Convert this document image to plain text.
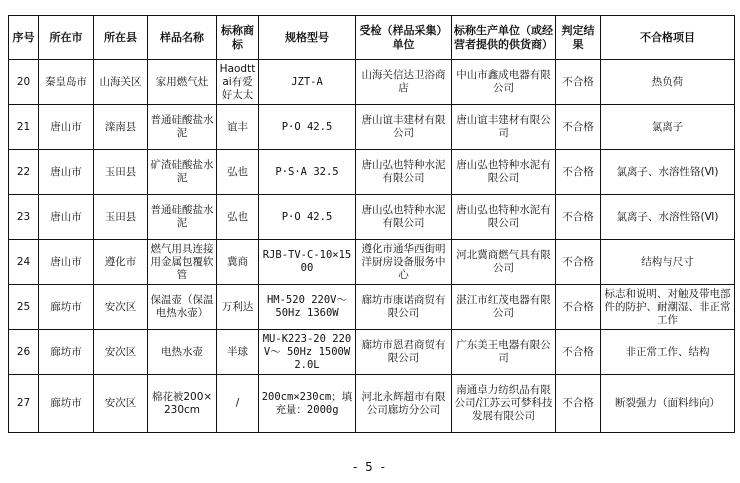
序号	所在市	所在县	样品名称	标称商标	规格型号	受检（样品采集）单位	标称生产单位（或经营者提供的供货商）	判定结果	不合格项目
20	秦皇岛市	山海关区	家用燃气灶	Haodttai有爱好太太	JZT-A	山海关信达卫浴商店	中山市鑫成电器有限公司	不合格	热负荷
21	唐山市	滦南县	普通硅酸盐水泥	谊丰	P·O 42.5	唐山谊丰建材有限公司	唐山谊丰建材有限公司	不合格	氯离子
22	唐山市	玉田县	矿渣硅酸盐水泥	弘也	P·S·A 32.5	唐山弘也特种水泥有限公司	唐山弘也特种水泥有限公司	不合格	氯离子、水溶性铬(Ⅵ)
23	唐山市	玉田县	普通硅酸盐水泥	弘也	P·O 42.5	唐山弘也特种水泥有限公司	唐山弘也特种水泥有限公司	不合格	氯离子、水溶性铬(Ⅵ)
24	唐山市	遵化市	燃气用具连接用金属包覆软管	冀商	RJB-TV-C-10×1500	遵化市通华西街明洋厨房设备服务中心	河北冀商燃气具有限公司	不合格	结构与尺寸
25	廊坊市	安次区	保温壶（保温电热水壶）	万利达	HM-520 220V～ 50Hz 1360W	廊坊市康诺商贸有限公司	湛江市红茂电器有限公司	不合格	标志和说明、对触及带电部件的防护、耐潮湿、非正常工作
26	廊坊市	安次区	电热水壶	半球	MU-K223-20 220V～ 50Hz 1500W 2.0L	廊坊市恩君商贸有限公司	广东美王电器有限公司	不合格	非正常工作、结构
27	廊坊市	安次区	棉花被200×230cm	/	200cm×230cm；填充量：2000g	河北永辉超市有限公司廊坊分公司	南通卓力纺织品有限公司/江苏云可梦科技发展有限公司	不合格	断裂强力（面料纬向）
- 5 -
